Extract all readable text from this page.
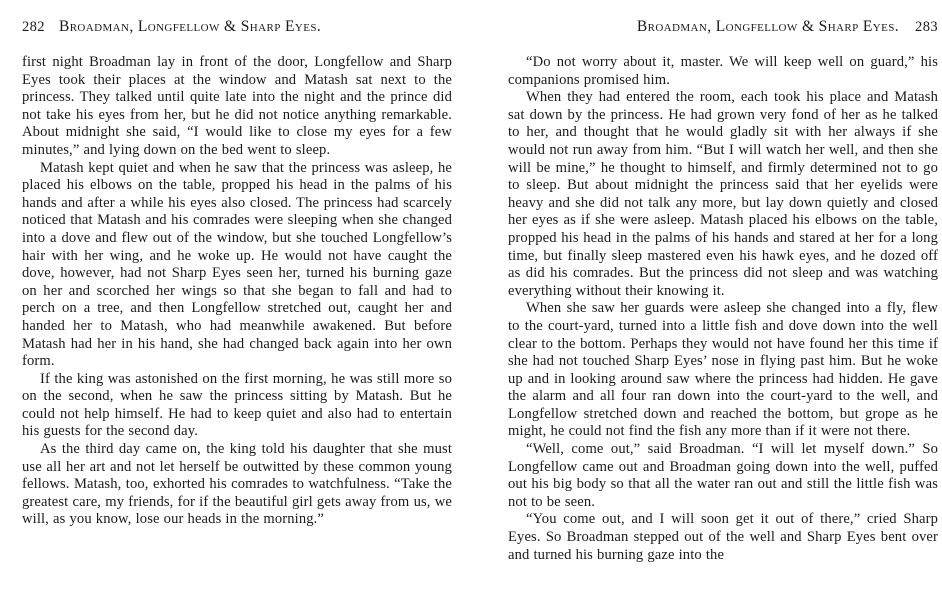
282 Broadman, Longfellow & Sharp Eyes.

first night Broadman lay in front of the door, Longfellow and Sharp Eyes took their places at the window and Matash sat next to the princess. They talked until quite late into the night and the prince did not take his eyes from her, but he did not notice anything remarkable. About midnight she said, “I would like to close my eyes for a few minutes,” and lying down on the bed went to sleep.

Matash kept quiet and when he saw that the princess was asleep, he placed his elbows on the table, propped his head in the palms of his hands and after a while his eyes also closed. The princess had scarcely noticed that Matash and his comrades were sleeping when she changed into a dove and flew out of the window, but she touched Longfellow’s hair with her wing, and he woke up. He would not have caught the dove, however, had not Sharp Eyes seen her, turned his burning gaze on her and scorched her wings so that she began to fall and had to perch on a tree, and then Longfellow stretched out, caught her and handed her to Matash, who had meanwhile awakened. But before Matash had her in his hand, she had changed back again into her own form.

If the king was astonished on the first morning, he was still more so on the second, when he saw the princess sitting by Matash. But he could not help himself. He had to keep quiet and also had to entertain his guests for the second day.

As the third day came on, the king told his daughter that she must use all her art and not let herself be outwitted by these common young fellows. Matash, too, exhorted his comrades to watchfulness. “Take the greatest care, my friends, for if the beautiful girl gets away from us, we will, as you know, lose our heads in the morning.”

Broadman, Longfellow & Sharp Eyes. 283

“Do not worry about it, master. We will keep well on guard,” his companions promised him.

When they had entered the room, each took his place and Matash sat down by the princess. He had grown very fond of her as he talked to her, and thought that he would gladly sit with her always if she would not run away from him. “But I will watch her well, and then she will be mine,” he thought to himself, and firmly determined not to go to sleep. But about midnight the princess said that her eyelids were heavy and she did not talk any more, but lay down quietly and closed her eyes as if she were asleep. Matash placed his elbows on the table, propped his head in the palms of his hands and stared at her for a long time, but finally sleep mastered even his hawk eyes, and he dozed off as did his comrades. But the princess did not sleep and was watching everything without their knowing it.

When she saw her guards were asleep she changed into a fly, flew to the court-yard, turned into a little fish and dove down into the well clear to the bottom. Perhaps they would not have found her this time if she had not touched Sharp Eyes’ nose in flying past him. But he woke up and in looking around saw where the princess had hidden. He gave the alarm and all four ran down into the court-yard to the well, and Longfellow stretched down and reached the bottom, but grope as he might, he could not find the fish any more than if it were not there.

“Well, come out,” said Broadman. “I will let myself down.” So Longfellow came out and Broadman going down into the well, puffed out his big body so that all the water ran out and still the little fish was not to be seen.

“You come out, and I will soon get it out of there,” cried Sharp Eyes. So Broadman stepped out of the well and Sharp Eyes bent over and turned his burning gaze into the
